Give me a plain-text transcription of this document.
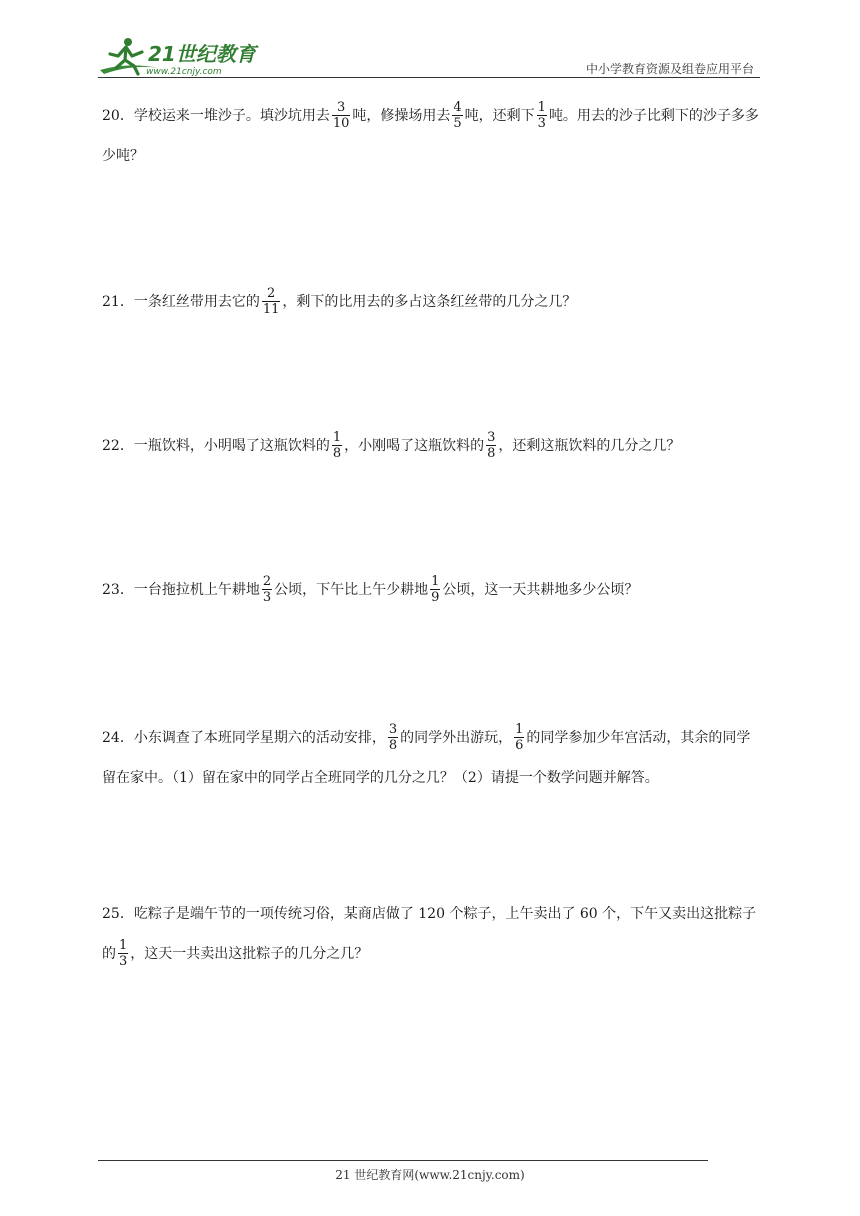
21世纪教育
www.21cnjy.com	中小学教育资源及组卷应用平台
20．学校运来一堆沙子。填沙坑用去 $\frac{3}{10}$ 吨，修操场用去 $\frac{4}{5}$ 吨，还剩下 $\frac{1}{3}$ 吨。用去的沙子比剩下的沙子多多少吨？
21．一条红丝带用去它的 $\frac{2}{11}$ ，剩下的比用去的多占这条红丝带的几分之几？
22．一瓶饮料，小明喝了这瓶饮料的 $\frac{1}{8}$ ，小刚喝了这瓶饮料的 $\frac{3}{8}$ ，还剩这瓶饮料的几分之几？
23．一台拖拉机上午耕地 $\frac{2}{3}$ 公顷，下午比上午少耕地 $\frac{1}{9}$ 公顷，这一天共耕地多少公顷？
24．小东调查了本班同学星期六的活动安排， $\frac{3}{8}$ 的同学外出游玩， $\frac{1}{6}$ 的同学参加少年宫活动，其余的同学留在家中。（1）留在家中的同学占全班同学的几分之几？（2）请提一个数学问题并解答。
25．吃粽子是端午节的一项传统习俗，某商店做了 120 个粽子，上午卖出了 60 个，下午又卖出这批粽子的 $\frac{1}{3}$ ，这天一共卖出这批粽子的几分之几？
21 世纪教育网(www.21cnjy.com)
